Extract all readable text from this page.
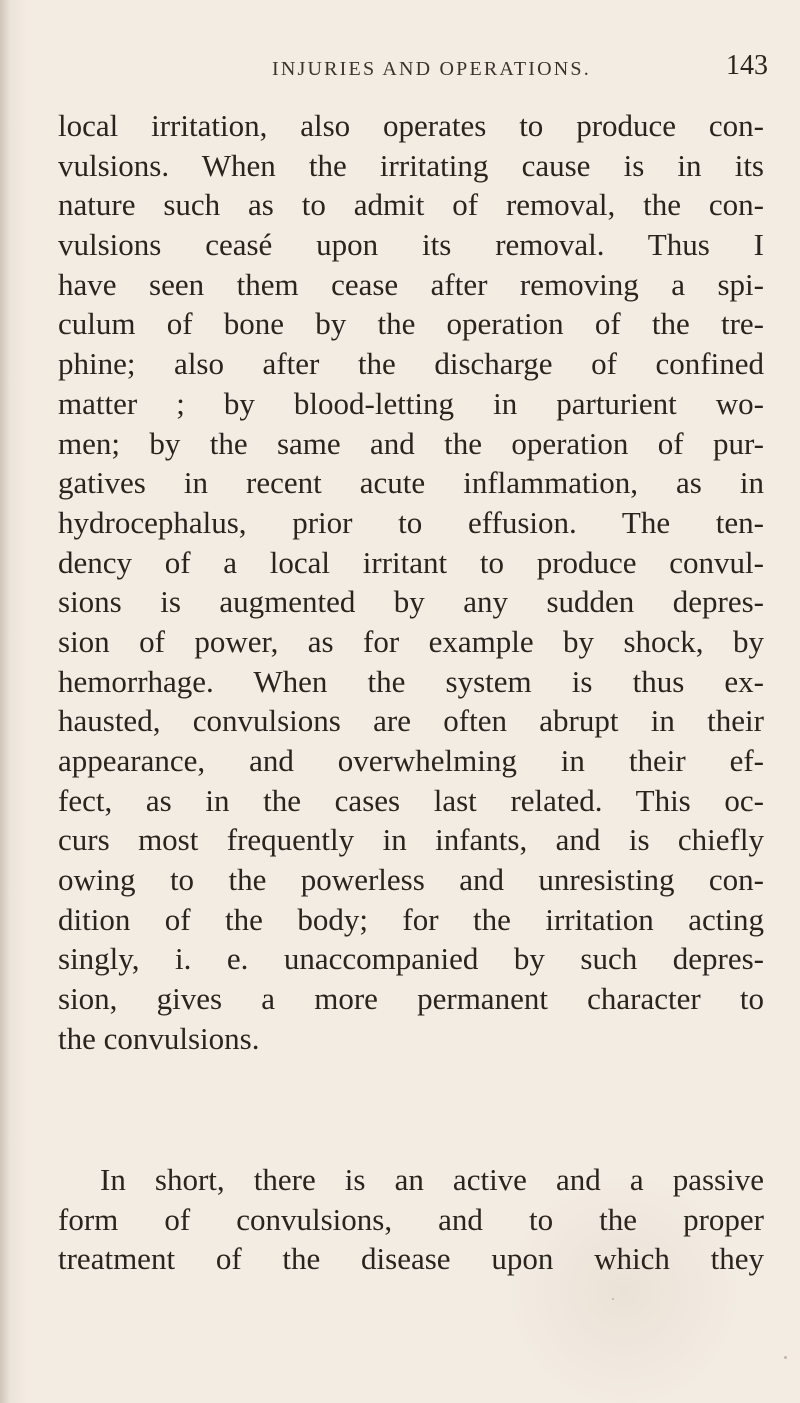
INJURIES AND OPERATIONS.	143
local irritation, also operates to produce con-
vulsions. When the irritating cause is in its
nature such as to admit of removal, the con-
vulsions ceasé upon its removal. Thus I
have seen them cease after removing a spi-
culum of bone by the operation of the tre-
phine; also after the discharge of confined
matter ; by blood-letting in parturient wo-
men; by the same and the operation of pur-
gatives in recent acute inflammation, as in
hydrocephalus, prior to effusion. The ten-
dency of a local irritant to produce convul-
sions is augmented by any sudden depres-
sion of power, as for example by shock, by
hemorrhage. When the system is thus ex-
hausted, convulsions are often abrupt in their
appearance, and overwhelming in their ef-
fect, as in the cases last related. This oc-
curs most frequently in infants, and is chiefly
owing to the powerless and unresisting con-
dition of the body; for the irritation acting
singly, i. e. unaccompanied by such depres-
sion, gives a more permanent character to
the convulsions.
In short, there is an active and a passive
form of convulsions, and to the proper
treatment of the disease upon which they
